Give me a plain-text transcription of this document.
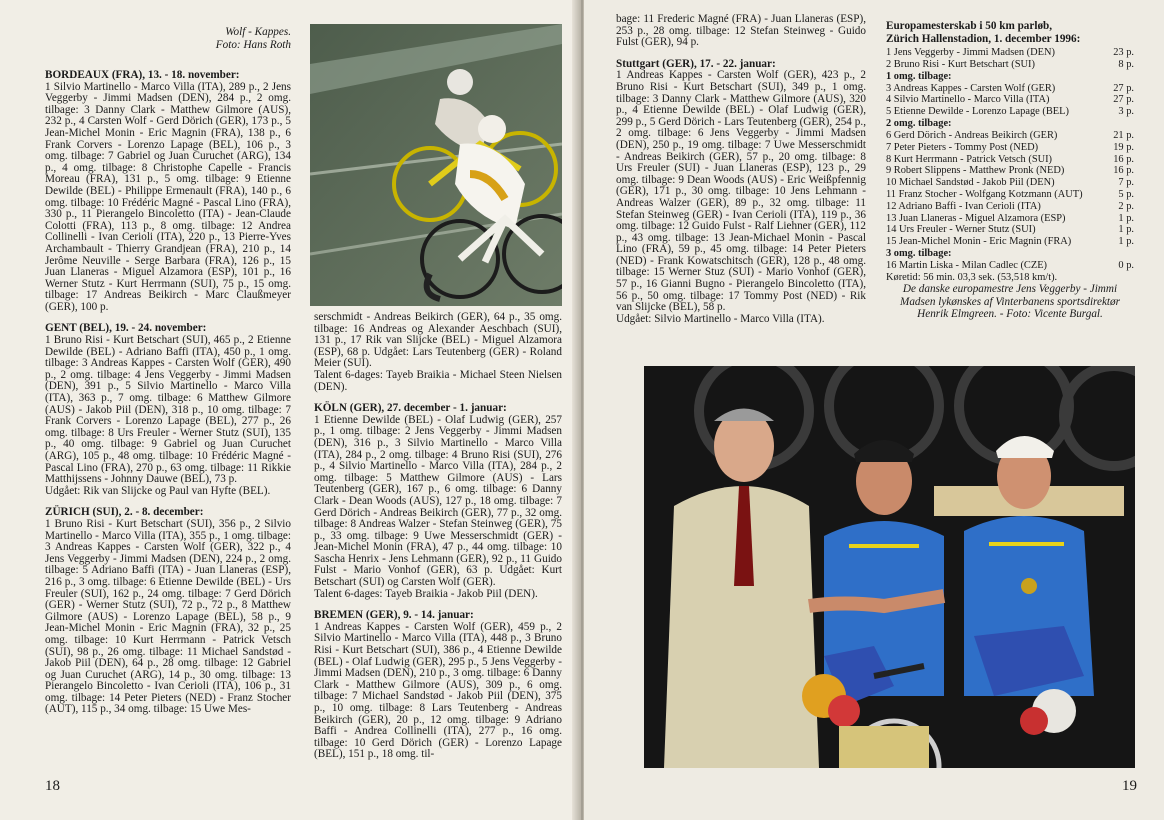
Wolf - Kappes.

Foto: Hans Roth

BORDEAUX (FRA), 13. - 18. november:

1 Silvio Martinello - Marco Villa (ITA), 289 p., 2 Jens Veggerby - Jimmi Madsen (DEN), 284 p., 2 omg. tilbage: 3 Danny Clark - Matthew Gilmore (AUS), 232 p., 4 Carsten Wolf - Gerd Dörich (GER), 173 p., 5 Jean-Michel Monin - Eric Magnin (FRA), 138 p., 6 Frank Corvers - Lorenzo Lapage (BEL), 106 p., 3 omg. tilbage: 7 Gabriel og Juan Curuchet (ARG), 134 p., 4 omg. tilbage: 8 Christophe Capelle - Francis Moreau (FRA), 131 p., 5 omg. tilbage: 9 Etienne Dewilde (BEL) - Philippe Ermenault (FRA), 140 p., 6 omg. tilbage: 10 Frédéric Magné - Pascal Lino (FRA), 330 p., 11 Pierangelo Bincoletto (ITA) - Jean-Claude Colotti (FRA), 113 p., 8 omg. tilbage: 12 Andrea Collinelli - Ivan Cerioli (ITA), 220 p., 13 Pierre-Yves Archambault - Thierry Grandjean (FRA), 210 p., 14 Jerôme Neuville - Serge Barbara (FRA), 126 p., 15 Juan Llaneras - Miguel Alzamora (ESP), 101 p., 16 Werner Stutz - Kurt Herrmann (SUI), 75 p., 15 omg. tilbage: 17 Andreas Beikirch - Marc Claußmeyer (GER), 100 p.

GENT (BEL), 19. - 24. november:

1 Bruno Risi - Kurt Betschart (SUI), 465 p., 2 Etienne Dewilde (BEL) - Adriano Baffi (ITA), 450 p., 1 omg. tilbage: 3 Andreas Kappes - Carsten Wolf (GER), 490 p., 2 omg. tilbage: 4 Jens Veggerby - Jimmi Madsen (DEN), 391 p., 5 Silvio Martinello - Marco Villa (ITA), 363 p., 7 omg. tilbage: 6 Matthew Gilmore (AUS) - Jakob Piil (DEN), 318 p., 10 omg. tilbage: 7 Frank Corvers - Lorenzo Lapage (BEL), 277 p., 26 omg. tilbage: 8 Urs Freuler - Werner Stutz (SUI), 135 p., 40 omg. tilbage: 9 Gabriel og Juan Curuchet (ARG), 105 p., 48 omg. tilbage: 10 Frédéric Magné - Pascal Lino (FRA), 270 p., 63 omg. tilbage: 11 Rikkie Matthijssens - Johnny Dauwe (BEL), 73 p.

Udgået: Rik van Slijcke og Paul van Hyfte (BEL).

ZÜRICH (SUI), 2. - 8. december:

1 Bruno Risi - Kurt Betschart (SUI), 356 p., 2 Silvio Martinello - Marco Villa (ITA), 355 p., 1 omg. tilbage: 3 Andreas Kappes - Carsten Wolf (GER), 322 p., 4 Jens Veggerby - Jimmi Madsen (DEN), 224 p., 2 omg. tilbage: 5 Adriano Baffi (ITA) - Juan Llaneras (ESP), 216 p., 3 omg. tilbage: 6 Etienne Dewilde (BEL) - Urs Freuler (SUI), 162 p., 24 omg. tilbage: 7 Gerd Dörich (GER) - Werner Stutz (SUI), 72 p., 72 p., 8 Matthew Gilmore (AUS) - Lorenzo Lapage (BEL), 58 p., 9 Jean-Michel Monin - Eric Magnin (FRA), 32 p., 25 omg. tilbage: 10 Kurt Herrmann - Patrick Vetsch (SUI), 98 p., 26 omg. tilbage: 11 Michael Sandstød - Jakob Piil (DEN), 64 p., 28 omg. tilbage: 12 Gabriel og Juan Curuchet (ARG), 14 p., 30 omg. tilbage: 13 Pierangelo Bincoletto - Ivan Cerioli (ITA), 106 p., 31 omg. tilbage: 14 Peter Pieters (NED) - Franz Stocher (AUT), 115 p., 34 omg. tilbage: 15 Uwe Mes-

serschmidt - Andreas Beikirch (GER), 64 p., 35 omg. tilbage: 16 Andreas og Alexander Aeschbach (SUI), 131 p., 17 Rik van Slijcke (BEL) - Miguel Alzamora (ESP), 68 p. Udgået: Lars Teutenberg (GER) - Roland Meier (SUI).

Talent 6-dages: Tayeb Braikia - Michael Steen Nielsen (DEN).

KÖLN (GER), 27. december - 1. januar:

1 Etienne Dewilde (BEL) - Olaf Ludwig (GER), 257 p., 1 omg. tilbage: 2 Jens Veggerby - Jimmi Madsen (DEN), 316 p., 3 Silvio Martinello - Marco Villa (ITA), 284 p., 2 omg. tilbage: 4 Bruno Risi (SUI), 276 p., 4 Silvio Martinello - Marco Villa (ITA), 284 p., 2 omg. tilbage: 5 Matthew Gilmore (AUS) - Lars Teutenberg (GER), 167 p., 6 omg. tilbage: 6 Danny Clark - Dean Woods (AUS), 127 p., 18 omg. tilbage: 7 Gerd Dörich - Andreas Beikirch (GER), 77 p., 32 omg. tilbage: 8 Andreas Walzer - Stefan Steinweg (GER), 75 p., 33 omg. tilbage: 9 Uwe Messerschmidt (GER) - Jean-Michel Monin (FRA), 47 p., 44 omg. tilbage: 10 Sascha Henrix - Jens Lehmann (GER), 92 p., 11 Guido Fulst - Mario Vonhof (GER), 63 p. Udgået: Kurt Betschart (SUI) og Carsten Wolf (GER).

Talent 6-dages: Tayeb Braikia - Jakob Piil (DEN).

BREMEN (GER), 9. - 14. januar:

1 Andreas Kappes - Carsten Wolf (GER), 459 p., 2 Silvio Martinello - Marco Villa (ITA), 448 p., 3 Bruno Risi - Kurt Betschart (SUI), 386 p., 4 Etienne Dewilde (BEL) - Olaf Ludwig (GER), 295 p., 5 Jens Veggerby - Jimmi Madsen (DEN), 210 p., 3 omg. tilbage: 6 Danny Clark - Matthew Gilmore (AUS), 309 p., 6 omg. tilbage: 7 Michael Sandstød - Jakob Piil (DEN), 375 p., 10 omg. tilbage: 8 Lars Teutenberg - Andreas Beikirch (GER), 20 p., 12 omg. tilbage: 9 Adriano Baffi - Andrea Collinelli (ITA), 277 p., 16 omg. tilbage: 10 Gerd Dörich (GER) - Lorenzo Lapage (BEL), 151 p., 18 omg. til-

18

bage: 11 Frederic Magné (FRA) - Juan Llaneras (ESP), 253 p., 28 omg. tilbage: 12 Stefan Steinweg - Guido Fulst (GER), 94 p.

Stuttgart (GER), 17. - 22. januar:

1 Andreas Kappes - Carsten Wolf (GER), 423 p., 2 Bruno Risi - Kurt Betschart (SUI), 349 p., 1 omg. tilbage: 3 Danny Clark - Matthew Gilmore (AUS), 320 p., 4 Etienne Dewilde (BEL) - Olaf Ludwig (GER), 299 p., 5 Gerd Dörich - Lars Teutenberg (GER), 254 p., 2 omg. tilbage: 6 Jens Veggerby - Jimmi Madsen (DEN), 250 p., 19 omg. tilbage: 7 Uwe Messerschmidt - Andreas Beikirch (GER), 57 p., 20 omg. tilbage: 8 Urs Freuler (SUI) - Juan Llaneras (ESP), 123 p., 29 omg. tilbage: 9 Dean Woods (AUS) - Eric Weißpfennig (GER), 171 p., 30 omg. tilbage: 10 Jens Lehmann - Andreas Walzer (GER), 89 p., 32 omg. tilbage: 11 Stefan Steinweg (GER) - Ivan Cerioli (ITA), 119 p., 36 omg. tilbage: 12 Guido Fulst - Ralf Liehner (GER), 112 p., 43 omg. tilbage: 13 Jean-Michael Monin - Pascal Lino (FRA), 59 p., 45 omg. tilbage: 14 Peter Pieters (NED) - Frank Kowatschitsch (GER), 128 p., 48 omg. tilbage: 15 Werner Stuz (SUI) - Mario Vonhof (GER), 57 p., 16 Gianni Bugno - Pierangelo Bincoletto (ITA), 56 p., 50 omg. tilbage: 17 Tommy Post (NED) - Rik van Slijcke (BEL), 58 p.

Udgået: Silvio Martinello - Marco Villa (ITA).

Europamesterskab i 50 km parløb,

Zürich Hallenstadion, 1. december 1996:

1 Jens Veggerby - Jimmi Madsen (DEN)	23 p.
2 Bruno Risi - Kurt Betschart (SUI)	8 p.

1 omg. tilbage:

3 Andreas Kappes - Carsten Wolf (GER)	27 p.
4 Silvio Martinello - Marco Villa (ITA)	27 p.
5 Etienne Dewilde - Lorenzo Lapage (BEL)	3 p.

2 omg. tilbage:

6 Gerd Dörich - Andreas Beikirch (GER)	21 p.
7 Peter Pieters - Tommy Post (NED)	19 p.
8 Kurt Herrmann - Patrick Vetsch (SUI)	16 p.
9 Robert Slippens - Matthew Pronk (NED)	16 p.
10 Michael Sandstød - Jakob Piil (DEN)	7 p.
11 Franz Stocher - Wolfgang Kotzmann (AUT)	5 p.
12 Adriano Baffi - Ivan Cerioli (ITA)	2 p.
13 Juan Llaneras - Miguel Alzamora (ESP)	1 p.
14 Urs Freuler - Werner Stutz (SUI)	1 p.
15 Jean-Michel Monin - Eric Magnin (FRA)	1 p.

3 omg. tilbage:

16 Martin Liska - Milan Cadlec (CZE)	0 p.

Køretid: 56 min. 03,3 sek. (53,518 km/t).

De danske europamestre Jens Veggerby - Jimmi Madsen lykønskes af Vinterbanens sportsdirektør Henrik Elmgreen. - Foto: Vicente Burgal.

19
